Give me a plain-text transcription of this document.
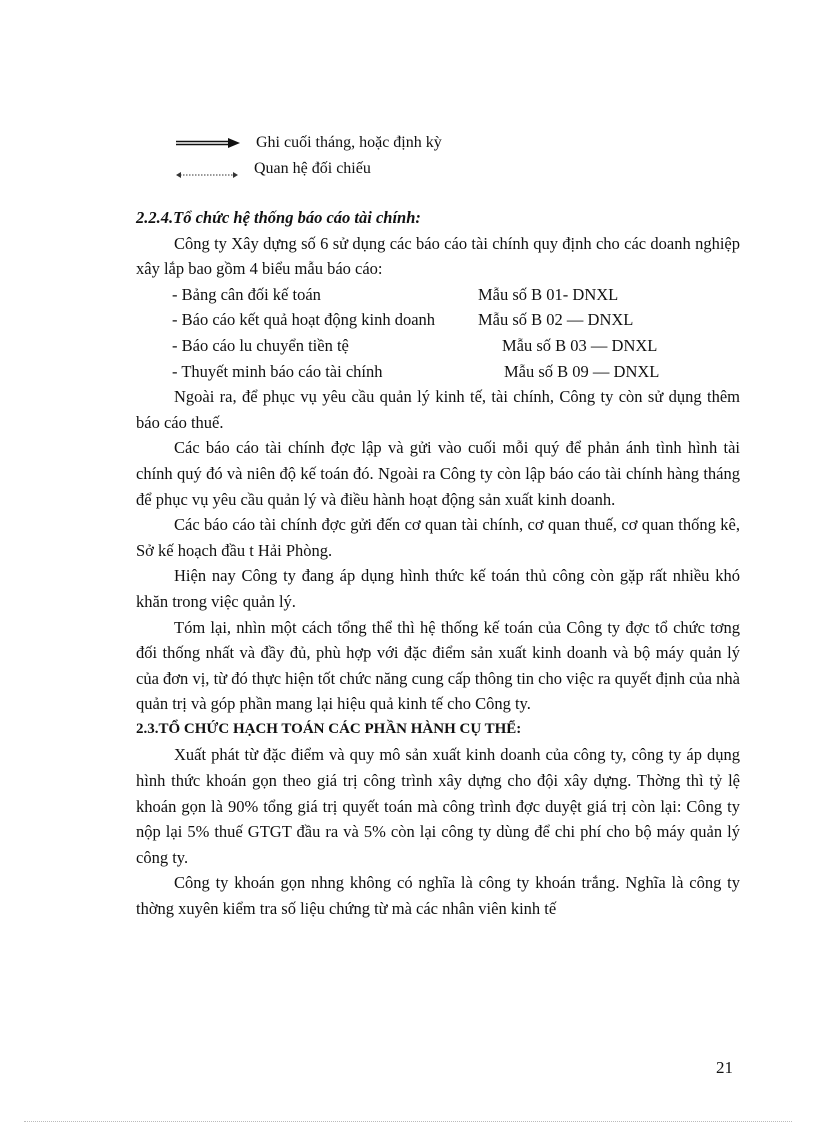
Ghi cuối tháng, hoặc định kỳ
Quan hệ đối chiếu

2.2.4.Tổ chức hệ thống báo cáo tài chính:

Công ty Xây dựng số 6 sử dụng các báo cáo tài chính quy định cho các doanh nghiệp xây lắp bao gồm 4 biểu mẫu báo cáo:

- Bảng cân đối kế toán	Mẫu số B 01- DNXL
- Báo cáo kết quả hoạt động kinh doanh	Mẫu số B 02 — DNXL
- Báo cáo lu chuyển tiền tệ	Mẫu số B 03 — DNXL
- Thuyết minh báo cáo tài chính	Mẫu số B 09 — DNXL

Ngoài ra, để phục vụ yêu cầu quản lý kinh tế, tài chính, Công ty còn sử dụng thêm báo cáo thuế.

Các báo cáo tài chính đợc lập và gửi vào cuối mỗi quý để phản ánh tình hình tài chính quý đó và niên độ kế toán đó. Ngoài ra Công ty còn lập báo cáo tài chính hàng tháng để phục vụ yêu cầu quản lý và điều hành hoạt động sản xuất kinh doanh.

Các báo cáo tài chính đợc gửi đến cơ quan tài chính, cơ quan thuế, cơ quan thống kê, Sở kế hoạch đầu t Hải Phòng.

Hiện nay Công ty đang áp dụng hình thức kế toán thủ công còn gặp rất nhiều khó khăn trong việc quản lý.

Tóm lại, nhìn một cách tổng thể thì hệ thống kế toán của Công ty đợc tổ chức tơng đối thống nhất và đầy đủ, phù hợp với đặc điểm sản xuất kinh doanh và bộ máy quản lý của đơn vị, từ đó thực hiện tốt chức năng cung cấp thông tin cho việc ra quyết định của nhà quản trị và góp phần mang lại hiệu quả kinh tế cho Công ty.

2.3.TỔ CHỨC HẠCH TOÁN CÁC PHẦN HÀNH CỤ THỂ:

Xuất phát từ đặc điểm và quy mô sản xuất kinh doanh của công ty, công ty áp dụng hình thức khoán gọn theo giá trị công trình xây dựng cho đội xây dựng. Thờng thì tỷ lệ khoán gọn là 90% tổng giá trị quyết toán mà công trình đợc duyệt giá trị còn lại: Công ty nộp lại 5% thuế GTGT đầu ra và 5% còn lại công ty dùng để chi phí cho bộ máy quản lý công ty.

Công ty khoán gọn nhng không có nghĩa là công ty khoán trắng. Nghĩa là công ty thờng xuyên kiểm tra số liệu chứng từ mà các nhân viên kinh tế

21
